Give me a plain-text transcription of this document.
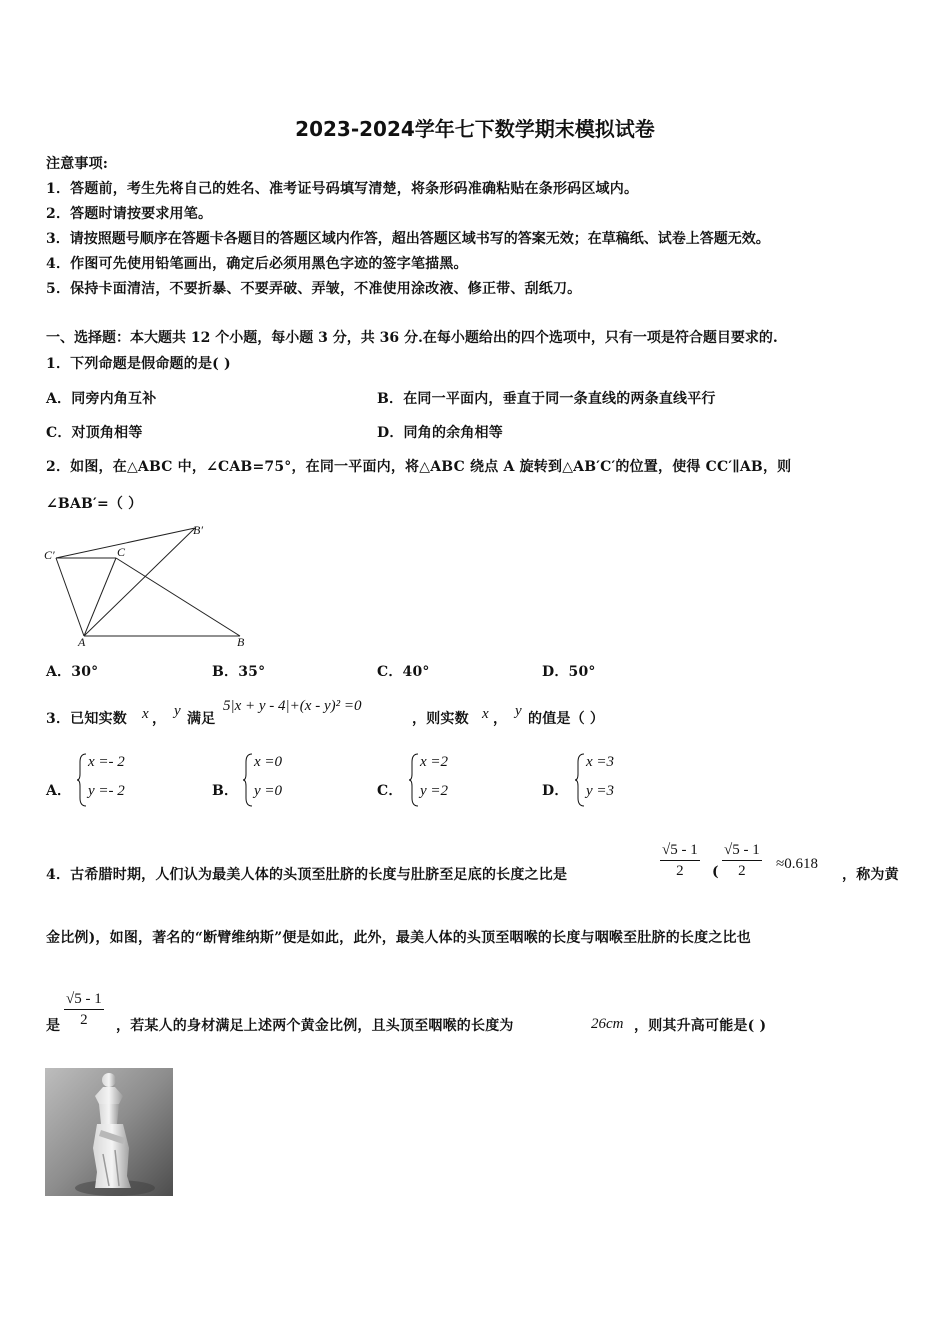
2023-2024学年七下数学期末模拟试卷
注意事项:
1．答题前，考生先将自己的姓名、准考证号码填写清楚，将条形码准确粘贴在条形码区域内。
2．答题时请按要求用笔。
3．请按照题号顺序在答题卡各题目的答题区域内作答，超出答题区域书写的答案无效；在草稿纸、试卷上答题无效。
4．作图可先使用铅笔画出，确定后必须用黑色字迹的签字笔描黑。
5．保持卡面清洁，不要折暴、不要弄破、弄皱，不准使用涂改液、修正带、刮纸刀。
一、选择题：本大题共 12 个小题，每小题 3 分，共 36 分.在每小题给出的四个选项中，只有一项是符合题目要求的.
1．下列命题是假命题的是( )
A．同旁内角互补	B．在同一平面内，垂直于同一条直线的两条直线平行
C．对顶角相等	D．同角的余角相等
2．如图，在△ABC 中，∠CAB=75°，在同一平面内，将△ABC 绕点 A 旋转到△AB′C′的位置，使得 CC′∥AB，则
∠BAB′=（ ）
C′	C
B′
A	B
A．30°	B．35°	C．40°	D．50°
3．已知实数 x ， y 满足
5|x + y - 4|+(x - y)² =0
，则实数 x ， y 的值是（ ）
A．
x =- 2
y =- 2	B．
x =0
y =0	C．
x =2
y =2	D．
x =3
y =3
4．古希腊时期，人们认为最美人体的头顶至肚脐的长度与肚脐至足底的长度之比是	$\frac{√5 - 1}{2}$ ( $\frac{√5 - 1}{2} \approx 0.618$
，称为黄
金比例)，如图，著名的“断臂维纳斯”便是如此，此外，最美人体的头顶至咽喉的长度与咽喉至肚脐的长度之比也
是 $\frac{√5 - 1}{2}$ ，若某人的身材满足上述两个黄金比例，且头顶至咽喉的长度为	26cm ，则其升高可能是( )
